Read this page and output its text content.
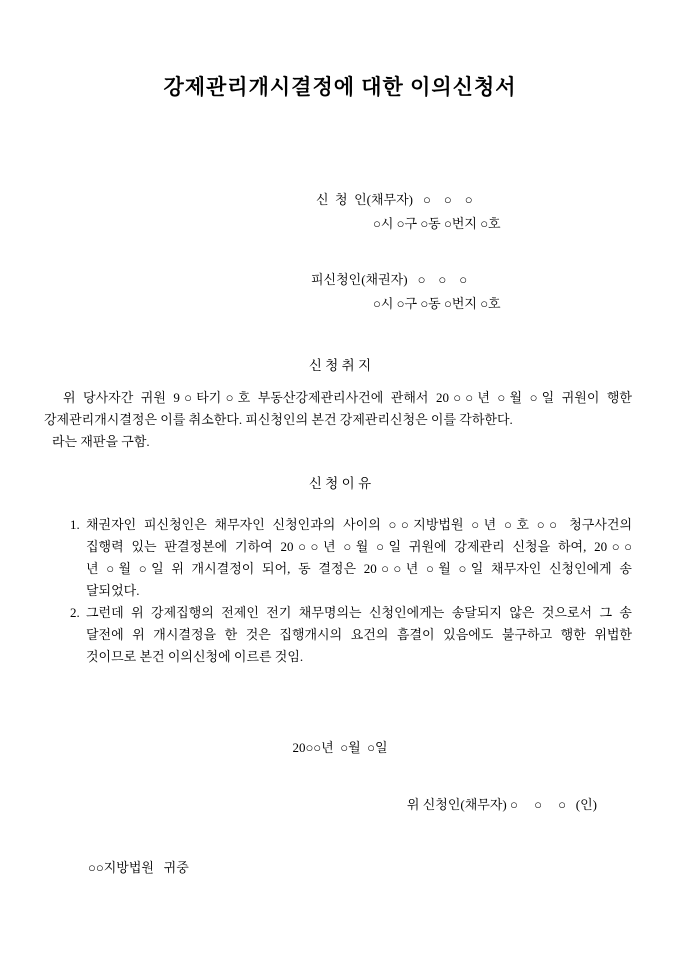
강제관리개시결정에 대한 이의신청서

신  청  인(채무자) ○    ○    ○

○시 ○구 ○동 ○번지 ○호

피신청인(채권자) ○    ○    ○

○시 ○구 ○동 ○번지 ○호
신 청 취 지
위 당사자간 귀원 9○타기○호 부동산강제관리사건에 관해서 20○○년 ○월 ○일 귀원이 행한
강제관리개시결정은 이를 취소한다. 피신청인의 본건 강제관리신청은 이를 각하한다.
라는 재판을 구함.
신 청 이 유
1. 채권자인 피신청인은 채무자인 신청인과의 사이의 ○○지방법원 ○년 ○호 ○○ 청구사건의
집행력 있는 판결정본에 기하여 20○○년 ○월 ○일 귀원에 강제관리 신청을 하여, 20○○
년 ○월 ○일 위 개시결정이 되어, 동 결정은 20○○년 ○월 ○일 채무자인 신청인에게 송
달되었다.
2. 그런데 위 강제집행의 전제인 전기 채무명의는 신청인에게는 송달되지 않은 것으로서 그 송
달전에 위 개시결정을 한 것은 집행개시의 요건의 흠결이 있음에도 불구하고 행한 위법한
것이므로 본건 이의신청에 이르른 것임.
20○○년  ○월  ○일
위 신청인(채무자) ○     ○     ○   (인)
○○지방법원   귀중
